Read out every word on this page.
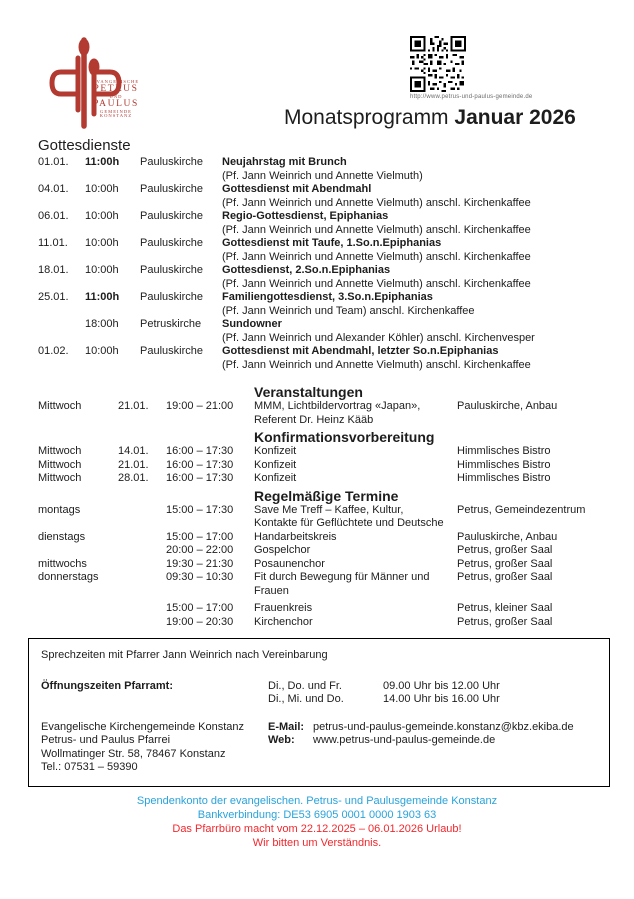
EVANGELISCHE
PETRUS
UND
PAULUS
GEMEINDE
KONSTANZ
http://www.petrus-und-paulus-gemeinde.de
Monatsprogramm Januar 2026
Gottesdienste
01.01.	11:00h	Pauluskirche	Neujahrstag mit Brunch
(Pf. Jann Weinrich und Annette Vielmuth)
04.01.	10:00h	Pauluskirche	Gottesdienst mit Abendmahl
(Pf. Jann Weinrich und Annette Vielmuth) anschl. Kirchenkaffee
06.01.	10:00h	Pauluskirche	Regio-Gottesdienst, Epiphanias
(Pf. Jann Weinrich und Annette Vielmuth) anschl. Kirchenkaffee
11.01.	10:00h	Pauluskirche	Gottesdienst mit Taufe, 1.So.n.Epiphanias
(Pf. Jann Weinrich und Annette Vielmuth) anschl. Kirchenkaffee
18.01.	10:00h	Pauluskirche	Gottesdienst, 2.So.n.Epiphanias
(Pf. Jann Weinrich und Annette Vielmuth) anschl. Kirchenkaffee
25.01.	11:00h	Pauluskirche	Familiengottesdienst, 3.So.n.Epiphanias
(Pf. Jann Weinrich und Team) anschl. Kirchenkaffee
18:00h	Petruskirche	Sundowner
(Pf. Jann Weinrich und Alexander Köhler) anschl. Kirchenvesper
01.02.	10:00h	Pauluskirche	Gottesdienst mit Abendmahl, letzter So.n.Epiphanias
(Pf. Jann Weinrich und Annette Vielmuth) anschl. Kirchenkaffee
Veranstaltungen
Mittwoch	21.01.	19:00 – 21:00	MMM, Lichtbildervortrag «Japan», Referent Dr. Heinz Kääb
Pauluskirche, Anbau
Konfirmationsvorbereitung
Mittwoch	14.01.	16:00 – 17:30	Konfizeit	Himmlisches Bistro
Mittwoch	21.01.	16:00 – 17:30	Konfizeit	Himmlisches Bistro
Mittwoch	28.01.	16:00 – 17:30	Konfizeit	Himmlisches Bistro
Regelmäßige Termine
montags	15:00 – 17:30	Save Me Treff – Kaffee, Kultur, Kontakte für Geflüchtete und Deutsche
Petrus, Gemeindezentrum
dienstags	15:00 – 17:00	Handarbeitskreis	Pauluskirche, Anbau
20:00 – 22:00	Gospelchor	Petrus, großer Saal
mittwochs	19:30 – 21:30	Posaunenchor	Petrus, großer Saal
donnerstags	09:30 – 10:30	Fit durch Bewegung für Männer und Frauen
Petrus, großer Saal
15:00 – 17:00	Frauenkreis	Petrus, kleiner Saal
19:00 – 20:30	Kirchenchor	Petrus, großer Saal
Sprechzeiten mit Pfarrer Jann Weinrich nach Vereinbarung
Öffnungszeiten Pfarramt:	Di., Do. und Fr.	09.00 Uhr bis 12.00 Uhr
Di., Mi. und Do.	14.00 Uhr bis 16.00 Uhr
Evangelische Kirchengemeinde Konstanz
Petrus- und Paulus Pfarrei
Wollmatinger Str. 58, 78467 Konstanz
Tel.: 07531 – 59390
E-Mail: petrus-und-paulus-gemeinde.konstanz@kbz.ekiba.de
Web: www.petrus-und-paulus-gemeinde.de
Spendenkonto der evangelischen. Petrus- und Paulusgemeinde Konstanz
Bankverbindung: DE53 6905 0001 0000 1903 63
Das Pfarrbüro macht vom 22.12.2025 – 06.01.2026 Urlaub!
Wir bitten um Verständnis.
